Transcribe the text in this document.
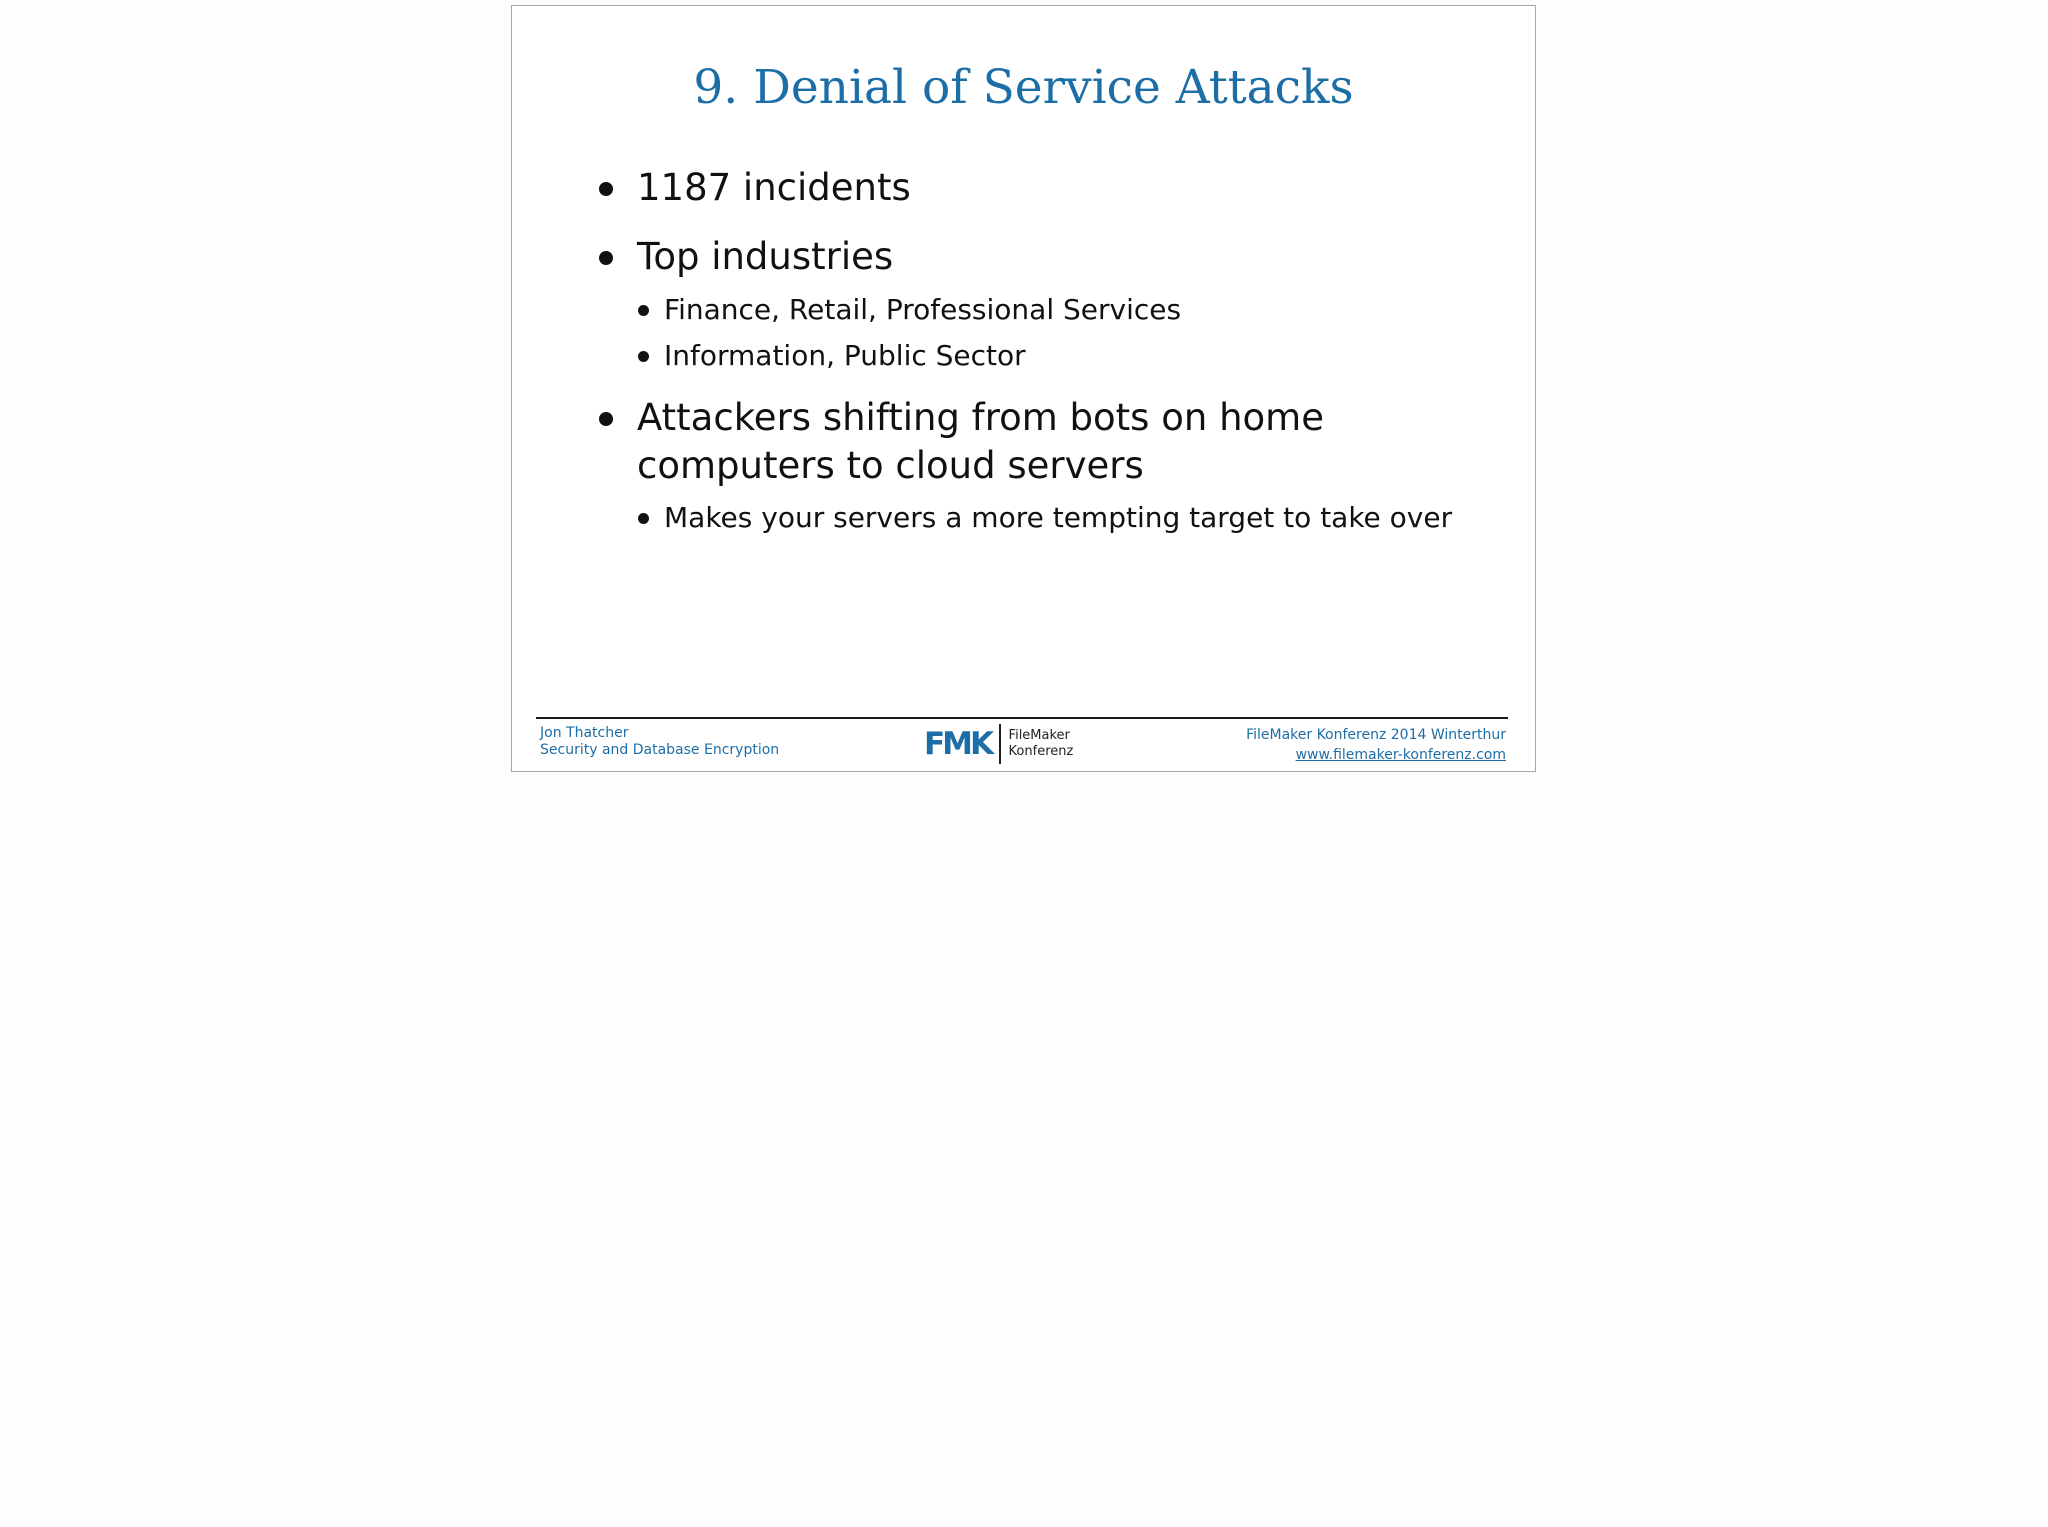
9. Denial of Service Attacks
1187 incidents
Top industries
Finance, Retail, Professional Services
Information, Public Sector
Attackers shifting from bots on home computers to cloud servers
Makes your servers a more tempting target to take over
Jon Thatcher
Security and Database Encryption	FMK FileMaker
Konferenz
FileMaker Konferenz 2014 Winterthur
www.filemaker-konferenz.com
